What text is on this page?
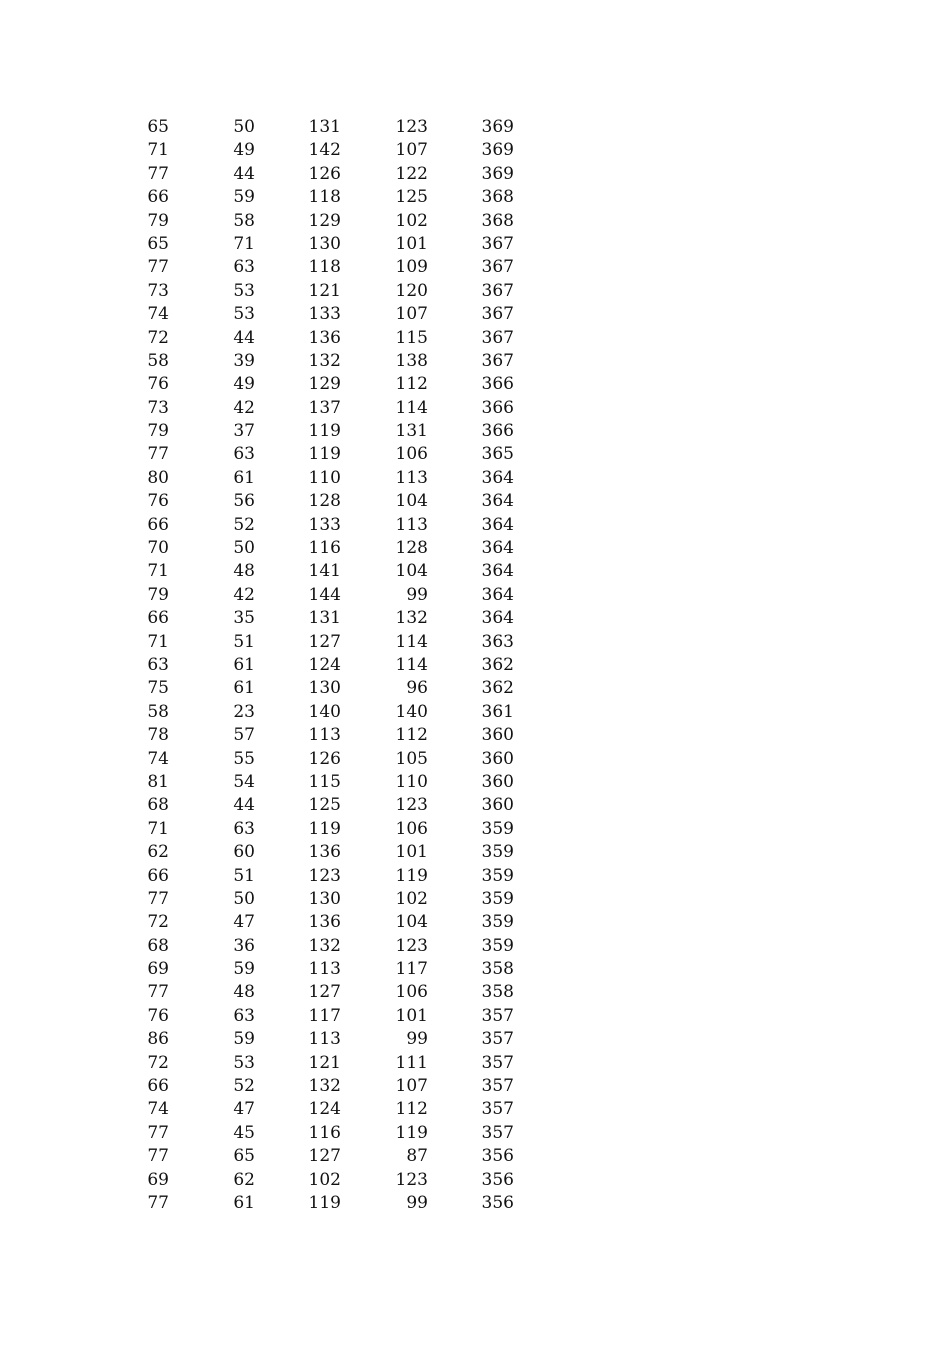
65	50	131	123	369
71	49	142	107	369
77	44	126	122	369
66	59	118	125	368
79	58	129	102	368
65	71	130	101	367
77	63	118	109	367
73	53	121	120	367
74	53	133	107	367
72	44	136	115	367
58	39	132	138	367
76	49	129	112	366
73	42	137	114	366
79	37	119	131	366
77	63	119	106	365
80	61	110	113	364
76	56	128	104	364
66	52	133	113	364
70	50	116	128	364
71	48	141	104	364
79	42	144	99	364
66	35	131	132	364
71	51	127	114	363
63	61	124	114	362
75	61	130	96	362
58	23	140	140	361
78	57	113	112	360
74	55	126	105	360
81	54	115	110	360
68	44	125	123	360
71	63	119	106	359
62	60	136	101	359
66	51	123	119	359
77	50	130	102	359
72	47	136	104	359
68	36	132	123	359
69	59	113	117	358
77	48	127	106	358
76	63	117	101	357
86	59	113	99	357
72	53	121	111	357
66	52	132	107	357
74	47	124	112	357
77	45	116	119	357
77	65	127	87	356
69	62	102	123	356
77	61	119	99	356
